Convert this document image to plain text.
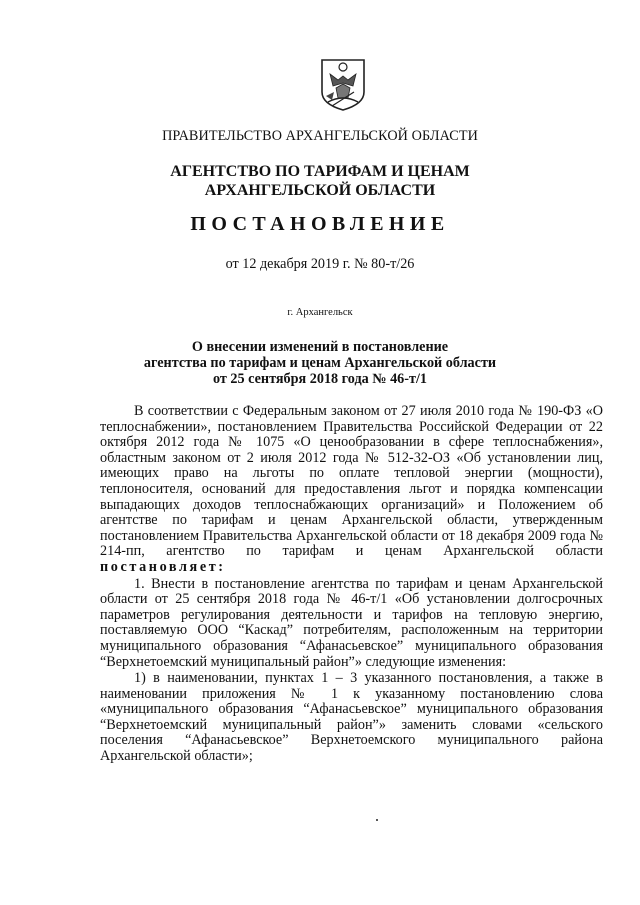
ПРАВИТЕЛЬСТВО АРХАНГЕЛЬСКОЙ ОБЛАСТИ
АГЕНТСТВО ПО ТАРИФАМ И ЦЕНАМ
АРХАНГЕЛЬСКОЙ ОБЛАСТИ
ПОСТАНОВЛЕНИЕ
от 12 декабря 2019 г. № 80-т/26
г. Архангельск
О внесении изменений в постановление
агентства по тарифам и ценам Архангельской области
от 25 сентября 2018 года № 46-т/1

В соответствии с Федеральным законом от 27 июля 2010 года № 190-ФЗ «О теплоснабжении», постановлением Правительства Российской Федерации от 22 октября 2012 года № 1075 «О ценообразовании в сфере теплоснабжения», областным законом от 2 июля 2012 года № 512-32-ОЗ «Об установлении лиц, имеющих право на льготы по оплате тепловой энергии (мощности), теплоносителя, оснований для предоставления льгот и порядка компенсации выпадающих доходов теплоснабжающих организаций» и Положением об агентстве по тарифам и ценам Архангельской области, утвержденным постановлением Правительства Архангельской области от 18 декабря 2009 года № 214-пп, агентство по тарифам и ценам Архангельской области постановляет:

1. Внести в постановление агентства по тарифам и ценам Архангельской области от 25 сентября 2018 года № 46-т/1 «Об установлении долгосрочных параметров регулирования деятельности и тарифов на тепловую энергию, поставляемую ООО “Каскад” потребителям, расположенным на территории муниципального образования “Афанасьевское” муниципального образования “Верхнетоемский муниципальный район”» следующие изменения:

1) в наименовании, пунктах 1 – 3 указанного постановления, а также в наименовании приложения № 1 к указанному постановлению слова «муниципального образования “Афанасьевское” муниципального образования “Верхнетоемский муниципальный район”» заменить словами «сельского поселения “Афанасьевское” Верхнетоемского муниципального района Архангельской области»;
